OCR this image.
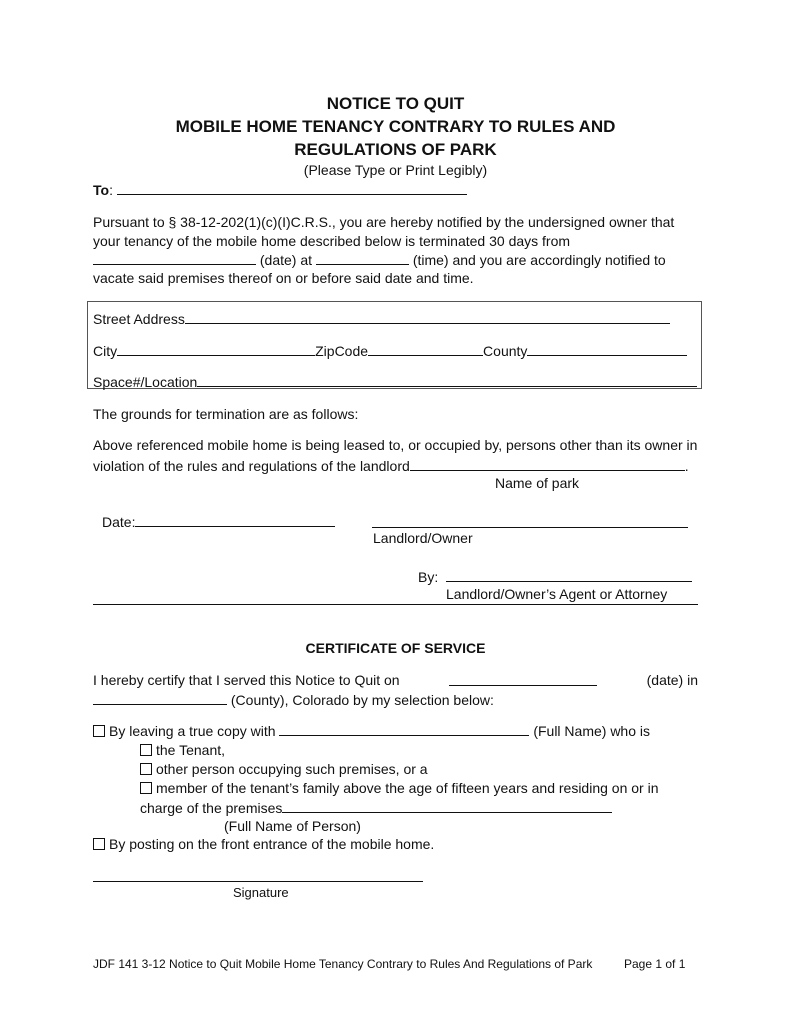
NOTICE TO QUIT
MOBILE HOME TENANCY CONTRARY TO RULES AND
REGULATIONS OF PARK
(Please Type or Print Legibly)
To:
Pursuant to § 38-12-202(1)(c)(I)C.R.S., you are hereby notified by the undersigned owner that
your tenancy of the mobile home described below is terminated 30 days from
(date) at	(time) and you are accordingly notified to
vacate said premises thereof on or before said date and time.
Street Address
City	ZipCode	County
Space#/Location
The grounds for termination are as follows:
Above referenced mobile home is being leased to, or occupied by, persons other than its owner in
violation of the rules and regulations of the landlord	.
Name of park
Date:
Landlord/Owner
By:
Landlord/Owner’s Agent or Attorney
CERTIFICATE OF SERVICE
I hereby certify that I served this Notice to Quit on	(date) in
(County), Colorado by my selection below:
By leaving a true copy with	(Full Name) who is
the Tenant,
other person occupying such premises, or a
member of the tenant’s family above the age of fifteen years and residing on or in
charge of the premises
(Full Name of Person)
By posting on the front entrance of the mobile home.
Signature
JDF 141 3-12 Notice to Quit Mobile Home Tenancy Contrary to Rules And Regulations of Park	Page 1 of 1
